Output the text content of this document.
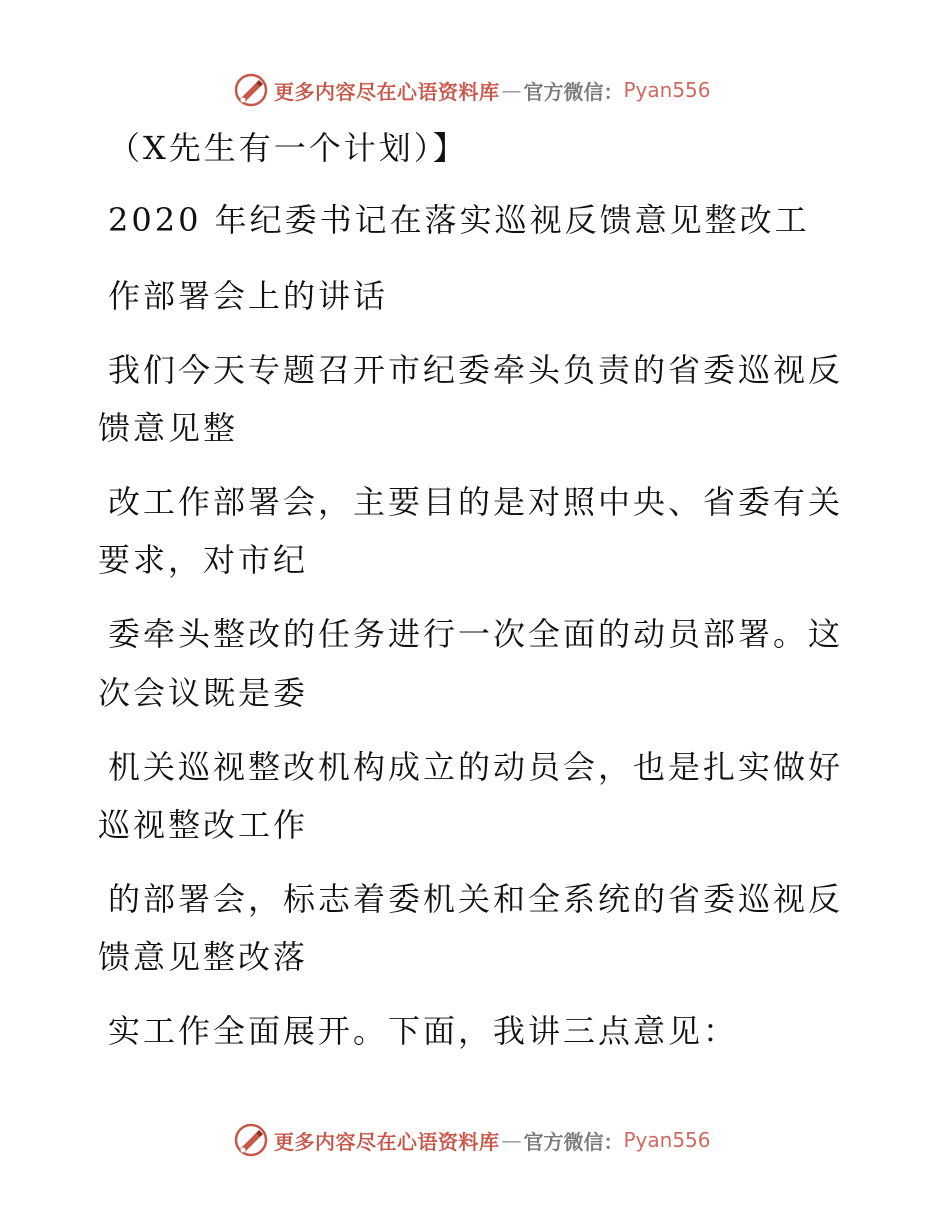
更多内容尽在心语资料库 — 官方微信： Pyan556
（X先生有一个计划）】
2020 年纪委书记在落实巡视反馈意见整改工
作部署会上的讲话
我们今天专题召开市纪委牵头负责的省委巡视反
馈意见整
改工作部署会，主要目的是对照中央、省委有关
要求，对市纪
委牵头整改的任务进行一次全面的动员部署。这
次会议既是委
机关巡视整改机构成立的动员会，也是扎实做好
巡视整改工作
的部署会，标志着委机关和全系统的省委巡视反
馈意见整改落
实工作全面展开。下面，我讲三点意见：
更多内容尽在心语资料库 — 官方微信： Pyan556
